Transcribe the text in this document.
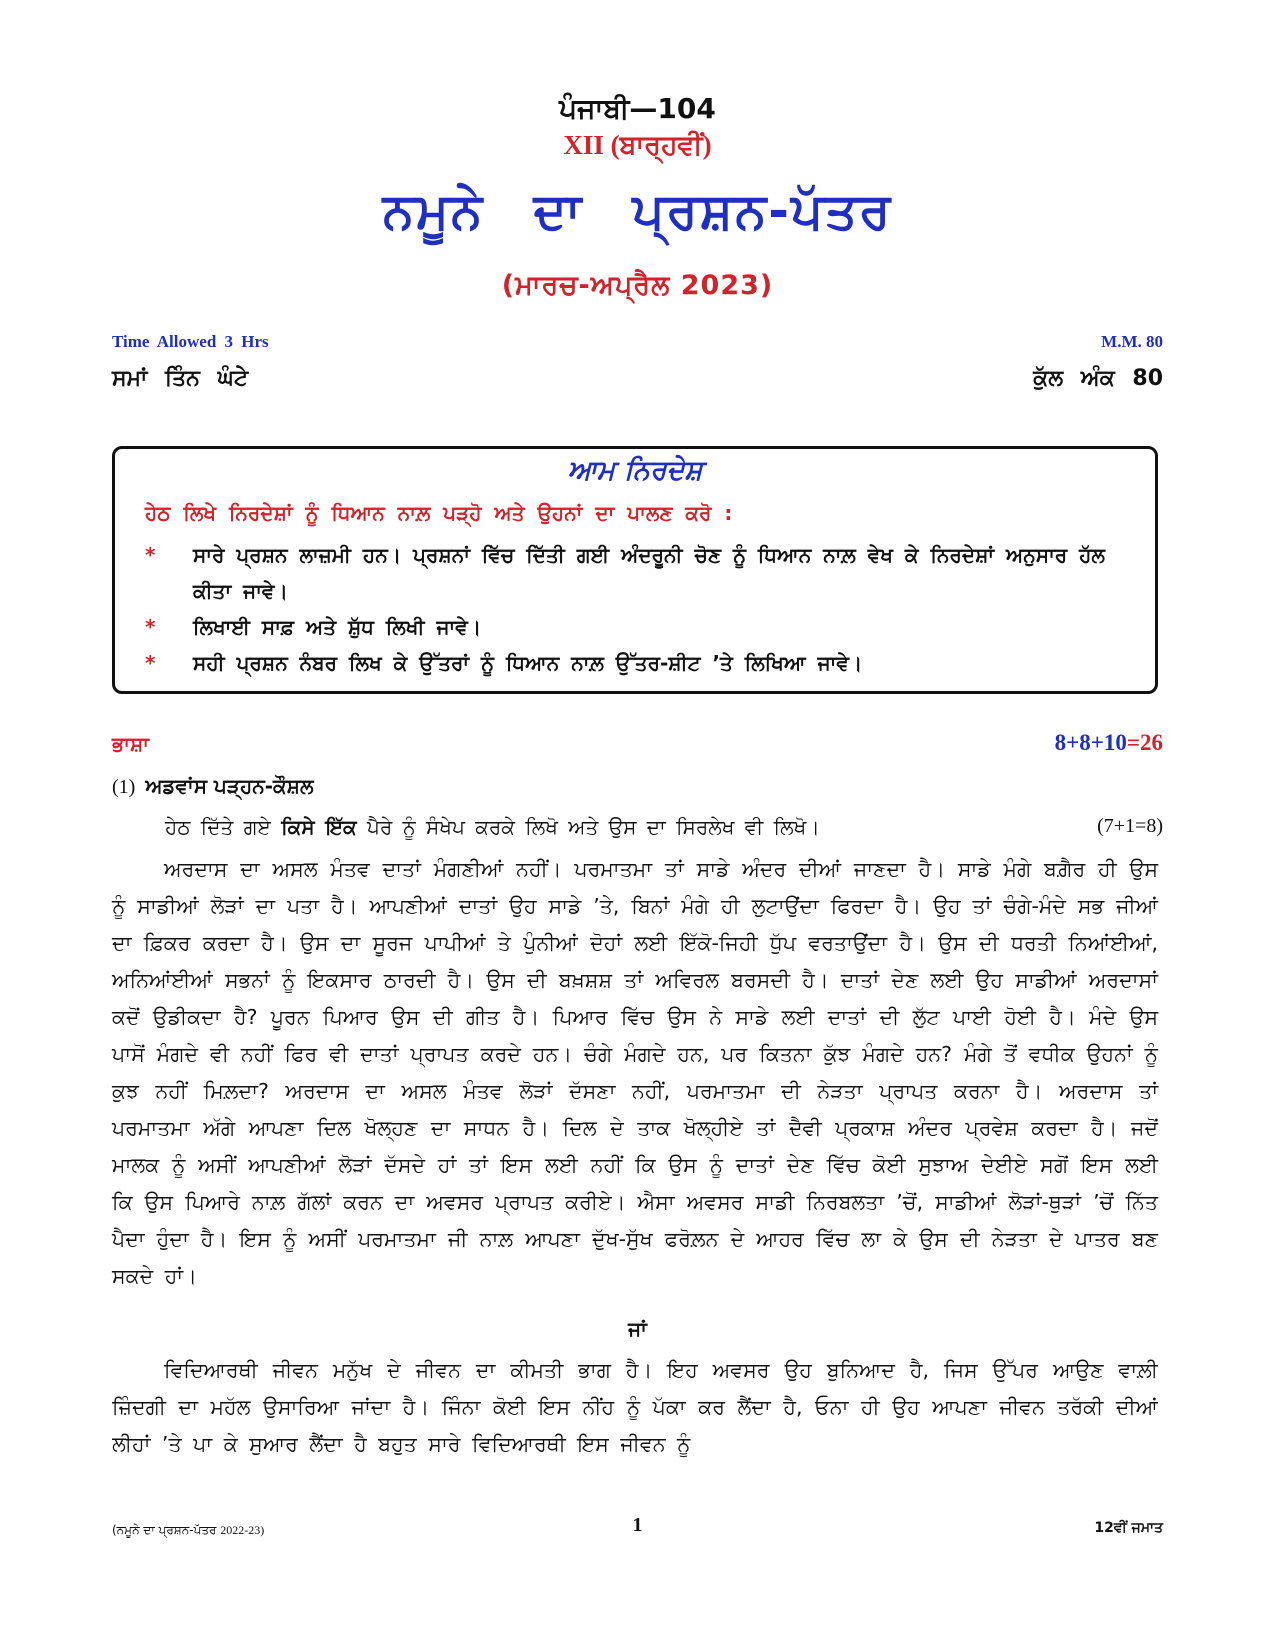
ਪੰਜਾਬੀ—104
XII (ਬਾਰ੍ਹਵੀਂ)
ਨਮੂਨੇ ਦਾ ਪ੍ਰਸ਼ਨ-ਪੱਤਰ
(ਮਾਰਚ-ਅਪ੍ਰੈਲ 2023)
Time Allowed 3 Hrs	M.M. 80
ਸਮਾਂ ਤਿੰਨ ਘੰਟੇ	ਕੁੱਲ ਅੰਕ 80
ਆਮ ਨਿਰਦੇਸ਼
ਹੇਠ ਲਿਖੇ ਨਿਰਦੇਸ਼ਾਂ ਨੂੰ ਧਿਆਨ ਨਾਲ਼ ਪੜ੍ਹੋ ਅਤੇ ਉਹਨਾਂ ਦਾ ਪਾਲਣ ਕਰੋ :
*	ਸਾਰੇ ਪ੍ਰਸ਼ਨ ਲਾਜ਼ਮੀ ਹਨ। ਪ੍ਰਸ਼ਨਾਂ ਵਿੱਚ ਦਿੱਤੀ ਗਈ ਅੰਦਰੂਨੀ ਚੋਣ ਨੂੰ ਧਿਆਨ ਨਾਲ਼ ਵੇਖ ਕੇ ਨਿਰਦੇਸ਼ਾਂ ਅਨੁਸਾਰ ਹੱਲ ਕੀਤਾ ਜਾਵੇ।
*	ਲਿਖਾਈ ਸਾਫ਼ ਅਤੇ ਸ਼ੁੱਧ ਲਿਖੀ ਜਾਵੇ।
*	ਸਹੀ ਪ੍ਰਸ਼ਨ ਨੰਬਰ ਲਿਖ ਕੇ ਉੱਤਰਾਂ ਨੂੰ ਧਿਆਨ ਨਾਲ਼ ਉੱਤਰ-ਸ਼ੀਟ ’ਤੇ ਲਿਖਿਆ ਜਾਵੇ।
ਭਾਸ਼ਾ	8+8+10=26
(1) ਅਡਵਾਂਸ ਪੜ੍ਹਨ-ਕੌਸ਼ਲ
ਹੇਠ ਦਿੱਤੇ ਗਏ ਕਿਸੇ ਇੱਕ ਪੈਰੇ ਨੂੰ ਸੰਖੇਪ ਕਰਕੇ ਲਿਖੋ ਅਤੇ ਉਸ ਦਾ ਸਿਰਲੇਖ ਵੀ ਲਿਖੋ।	(7+1=8)
ਅਰਦਾਸ ਦਾ ਅਸਲ ਮੰਤਵ ਦਾਤਾਂ ਮੰਗਣੀਆਂ ਨਹੀਂ। ਪਰਮਾਤਮਾ ਤਾਂ ਸਾਡੇ ਅੰਦਰ ਦੀਆਂ ਜਾਣਦਾ ਹੈ। ਸਾਡੇ ਮੰਗੇ ਬਗ਼ੈਰ ਹੀ ਉਸ ਨੂੰ ਸਾਡੀਆਂ ਲੋੜਾਂ ਦਾ ਪਤਾ ਹੈ। ਆਪਣੀਆਂ ਦਾਤਾਂ ਉਹ ਸਾਡੇ ’ਤੇ, ਬਿਨਾਂ ਮੰਗੇ ਹੀ ਲੁਟਾਉਂਦਾ ਫਿਰਦਾ ਹੈ। ਉਹ ਤਾਂ ਚੰਗੇ-ਮੰਦੇ ਸਭ ਜੀਆਂ ਦਾ ਫ਼ਿਕਰ ਕਰਦਾ ਹੈ। ਉਸ ਦਾ ਸੂਰਜ ਪਾਪੀਆਂ ਤੇ ਪੁੰਨੀਆਂ ਦੋਹਾਂ ਲਈ ਇੱਕੋ-ਜਿਹੀ ਧੁੱਪ ਵਰਤਾਉਂਦਾ ਹੈ। ਉਸ ਦੀ ਧਰਤੀ ਨਿਆਂਈਆਂ, ਅਨਿਆਂਈਆਂ ਸਭਨਾਂ ਨੂੰ ਇਕਸਾਰ ਠਾਰਦੀ ਹੈ। ਉਸ ਦੀ ਬਖ਼ਸ਼ਸ਼ ਤਾਂ ਅਵਿਰਲ ਬਰਸਦੀ ਹੈ। ਦਾਤਾਂ ਦੇਣ ਲਈ ਉਹ ਸਾਡੀਆਂ ਅਰਦਾਸਾਂ ਕਦੋਂ ਉਡੀਕਦਾ ਹੈ? ਪੂਰਨ ਪਿਆਰ ਉਸ ਦੀ ਗੀਤ ਹੈ। ਪਿਆਰ ਵਿੱਚ ਉਸ ਨੇ ਸਾਡੇ ਲਈ ਦਾਤਾਂ ਦੀ ਲੁੱਟ ਪਾਈ ਹੋਈ ਹੈ। ਮੰਦੇ ਉਸ ਪਾਸੋਂ ਮੰਗਦੇ ਵੀ ਨਹੀਂ ਫਿਰ ਵੀ ਦਾਤਾਂ ਪ੍ਰਾਪਤ ਕਰਦੇ ਹਨ। ਚੰਗੇ ਮੰਗਦੇ ਹਨ, ਪਰ ਕਿਤਨਾ ਕੁੱਝ ਮੰਗਦੇ ਹਨ? ਮੰਗੇ ਤੋਂ ਵਧੀਕ ਉਹਨਾਂ ਨੂੰ ਕੁਝ ਨਹੀਂ ਮਿਲ਼ਦਾ? ਅਰਦਾਸ ਦਾ ਅਸਲ ਮੰਤਵ ਲੋੜਾਂ ਦੱਸਣਾ ਨਹੀਂ, ਪਰਮਾਤਮਾ ਦੀ ਨੇੜਤਾ ਪ੍ਰਾਪਤ ਕਰਨਾ ਹੈ। ਅਰਦਾਸ ਤਾਂ ਪਰਮਾਤਮਾ ਅੱਗੇ ਆਪਣਾ ਦਿਲ ਖੋਲ੍ਹਣ ਦਾ ਸਾਧਨ ਹੈ। ਦਿਲ ਦੇ ਤਾਕ ਖੋਲ੍ਹੀਏ ਤਾਂ ਦੈਵੀ ਪ੍ਰਕਾਸ਼ ਅੰਦਰ ਪ੍ਰਵੇਸ਼ ਕਰਦਾ ਹੈ। ਜਦੋਂ ਮਾਲਕ ਨੂੰ ਅਸੀਂ ਆਪਣੀਆਂ ਲੋੜਾਂ ਦੱਸਦੇ ਹਾਂ ਤਾਂ ਇਸ ਲਈ ਨਹੀਂ ਕਿ ਉਸ ਨੂੰ ਦਾਤਾਂ ਦੇਣ ਵਿੱਚ ਕੋਈ ਸੁਝਾਅ ਦੇਈਏ ਸਗੋਂ ਇਸ ਲਈ ਕਿ ਉਸ ਪਿਆਰੇ ਨਾਲ਼ ਗੱਲਾਂ ਕਰਨ ਦਾ ਅਵਸਰ ਪ੍ਰਾਪਤ ਕਰੀਏ। ਐਸਾ ਅਵਸਰ ਸਾਡੀ ਨਿਰਬਲਤਾ ’ਚੋਂ, ਸਾਡੀਆਂ ਲੋੜਾਂ-ਥੁੜਾਂ ’ਚੋਂ ਨਿੱਤ ਪੈਦਾ ਹੁੰਦਾ ਹੈ। ਇਸ ਨੂੰ ਅਸੀਂ ਪਰਮਾਤਮਾ ਜੀ ਨਾਲ਼ ਆਪਣਾ ਦੁੱਖ-ਸੁੱਖ ਫਰੋਲ਼ਨ ਦੇ ਆਹਰ ਵਿੱਚ ਲਾ ਕੇ ਉਸ ਦੀ ਨੇੜਤਾ ਦੇ ਪਾਤਰ ਬਣ ਸਕਦੇ ਹਾਂ।
ਜਾਂ
ਵਿਦਿਆਰਥੀ ਜੀਵਨ ਮਨੁੱਖ ਦੇ ਜੀਵਨ ਦਾ ਕੀਮਤੀ ਭਾਗ ਹੈ। ਇਹ ਅਵਸਰ ਉਹ ਬੁਨਿਆਦ ਹੈ, ਜਿਸ ਉੱਪਰ ਆਉਣ ਵਾਲ਼ੀ ਜ਼ਿੰਦਗੀ ਦਾ ਮਹੱਲ ਉਸਾਰਿਆ ਜਾਂਦਾ ਹੈ। ਜਿੰਨਾ ਕੋਈ ਇਸ ਨੀਂਹ ਨੂੰ ਪੱਕਾ ਕਰ ਲੈਂਦਾ ਹੈ, ਓਨਾ ਹੀ ਉਹ ਆਪਣਾ ਜੀਵਨ ਤਰੱਕੀ ਦੀਆਂ ਲੀਹਾਂ ’ਤੇ ਪਾ ਕੇ ਸੁਆਰ ਲੈਂਦਾ ਹੈ ਬਹੁਤ ਸਾਰੇ ਵਿਦਿਆਰਥੀ ਇਸ ਜੀਵਨ ਨੂੰ
(ਨਮੂਨੇ ਦਾ ਪ੍ਰਸ਼ਨ-ਪੱਤਰ 2022-23)	1	12ਵੀਂ ਜਮਾਤ
